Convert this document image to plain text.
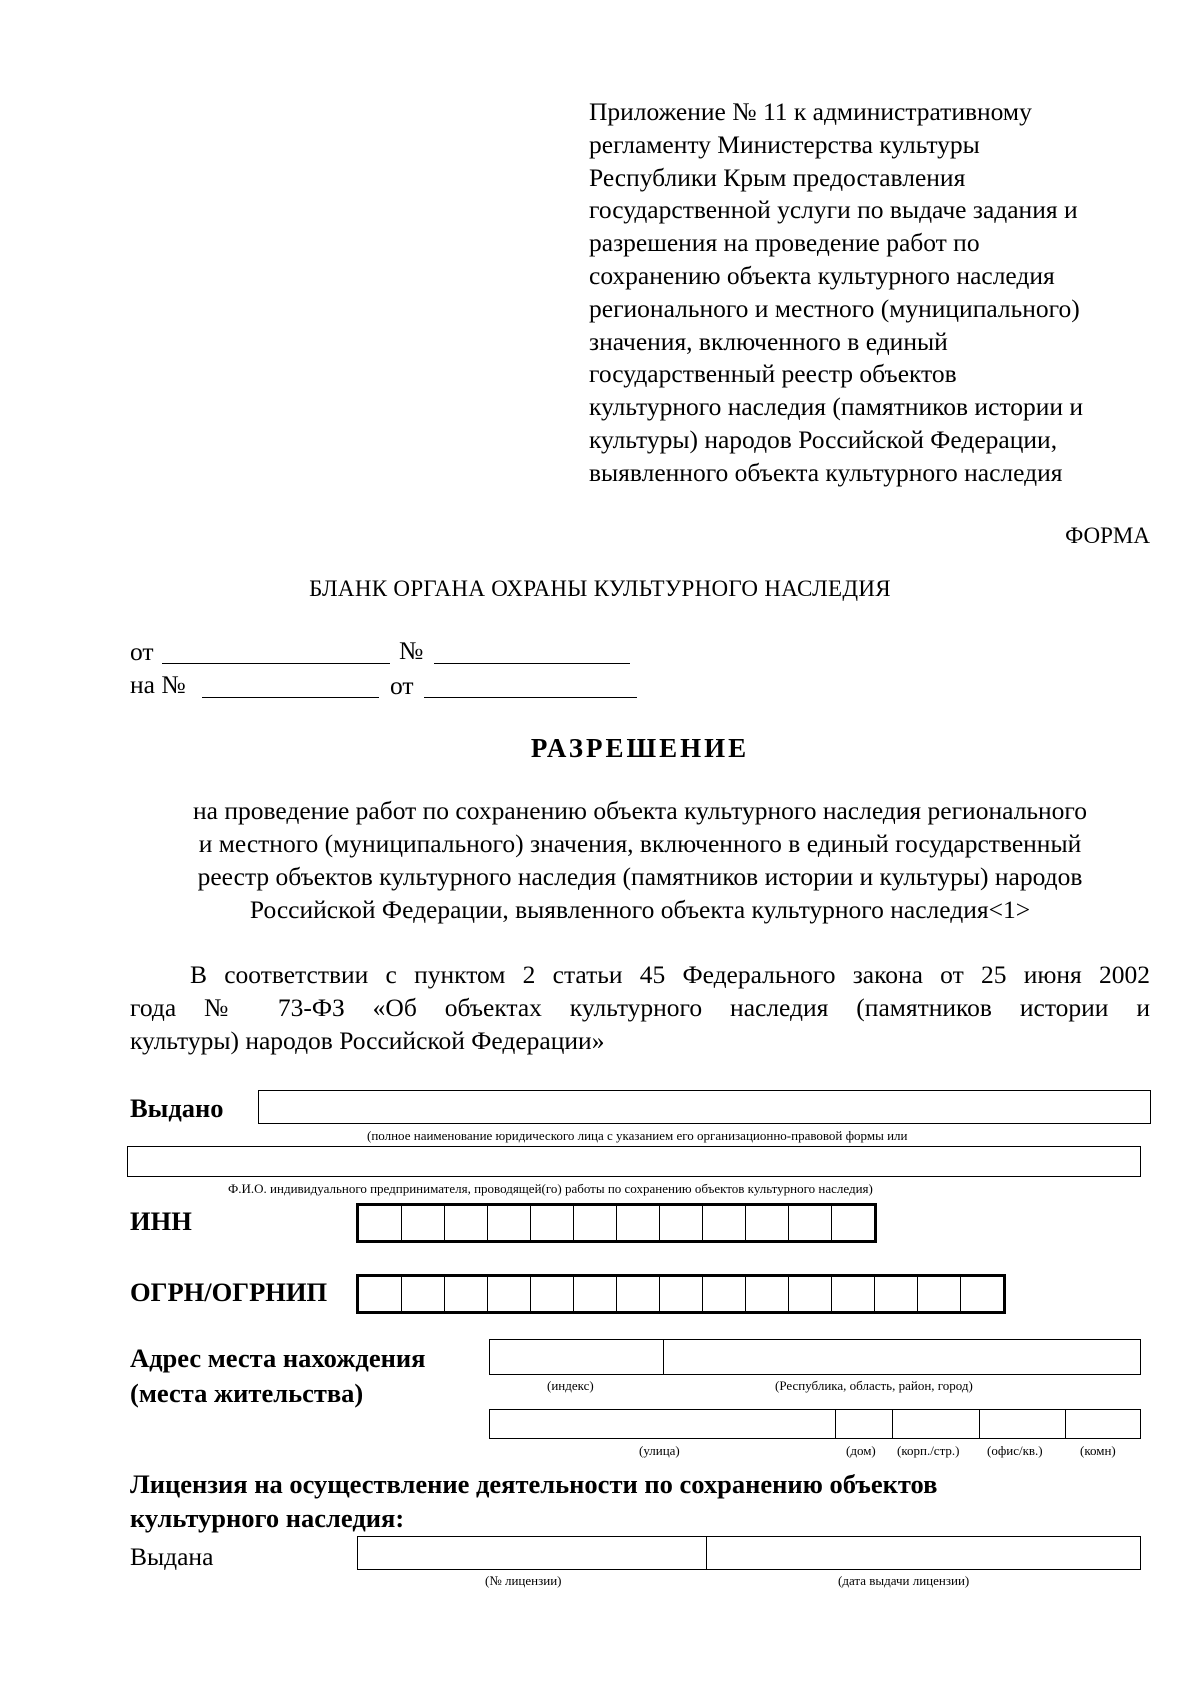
Приложение № 11 к административному
регламенту Министерства культуры
Республики Крым предоставления
государственной услуги по выдаче задания и
разрешения на проведение работ по
сохранению объекта культурного наследия
регионального и местного (муниципального)
значения, включенного в единый
государственный реестр объектов
культурного наследия (памятников истории и
культуры) народов Российской Федерации,
выявленного объекта культурного наследия
ФОРМА
БЛАНК ОРГАНА ОХРАНЫ КУЛЬТУРНОГО НАСЛЕДИЯ
от	№
на №	от
РАЗРЕШЕНИЕ
на проведение работ по сохранению объекта культурного наследия регионального
и местного (муниципального) значения, включенного в единый государственный
реестр объектов культурного наследия (памятников истории и культуры) народов
Российской Федерации, выявленного объекта культурного наследия<1>
В соответствии с пунктом 2 статьи 45 Федерального закона от 25 июня 2002
года № 73-ФЗ «Об объектах культурного наследия (памятников истории и
культуры) народов Российской Федерации»
Выдано
(полное наименование юридического лица с указанием его организационно-правовой формы или
Ф.И.О. индивидуального предпринимателя, проводящей(го) работы по сохранению объектов культурного наследия)
ИНН
ОГРН/ОГРНИП
Адрес места нахождения
(места жительства)	(индекс)	(Республика, область, район, город)
(улица)	(дом) (корп./стр.) (офис/кв.)	(комн)
Лицензия на осуществление деятельности по сохранению объектов
культурного наследия:
Выдана
(№ лицензии)	(дата выдачи лицензии)
